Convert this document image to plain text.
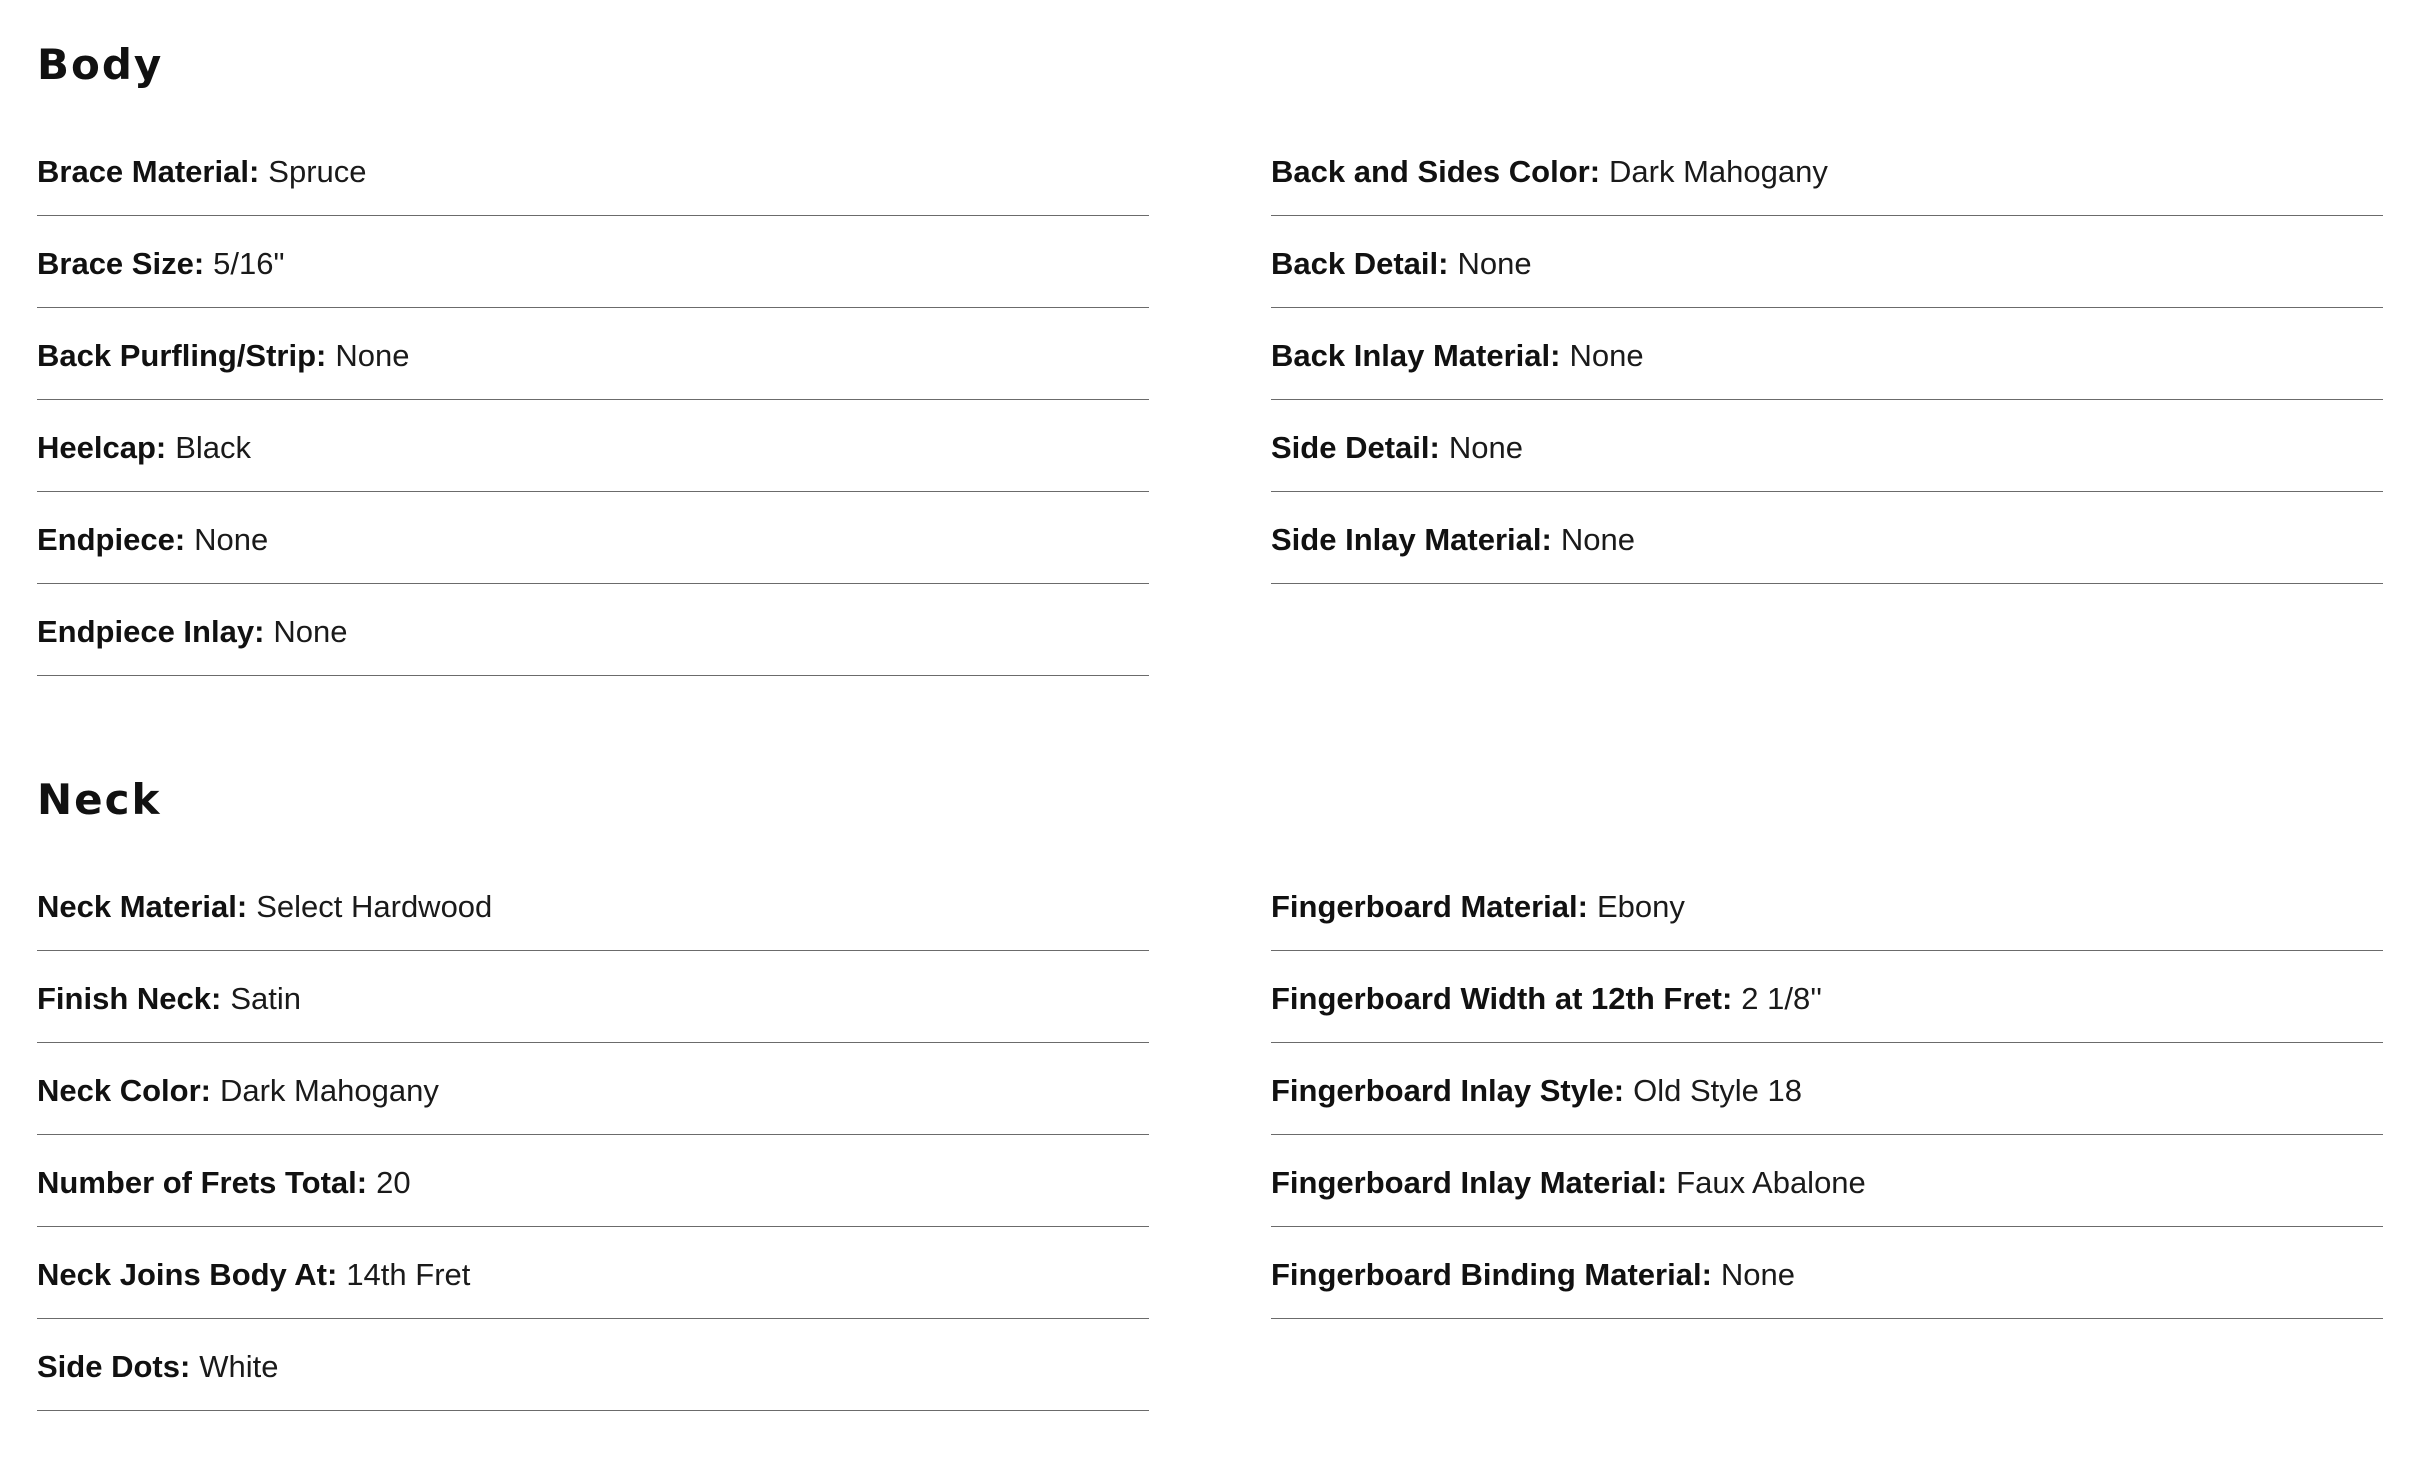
Body
Brace Material: Spruce
Brace Size: 5/16"
Back Purfling/Strip: None
Heelcap: Black
Endpiece: None
Endpiece Inlay: None
Back and Sides Color: Dark Mahogany
Back Detail: None
Back Inlay Material: None
Side Detail: None
Side Inlay Material: None
Neck
Neck Material: Select Hardwood
Finish Neck: Satin
Neck Color: Dark Mahogany
Number of Frets Total: 20
Neck Joins Body At: 14th Fret
Side Dots: White
Fingerboard Material: Ebony
Fingerboard Width at 12th Fret: 2 1/8''
Fingerboard Inlay Style: Old Style 18
Fingerboard Inlay Material: Faux Abalone
Fingerboard Binding Material: None
